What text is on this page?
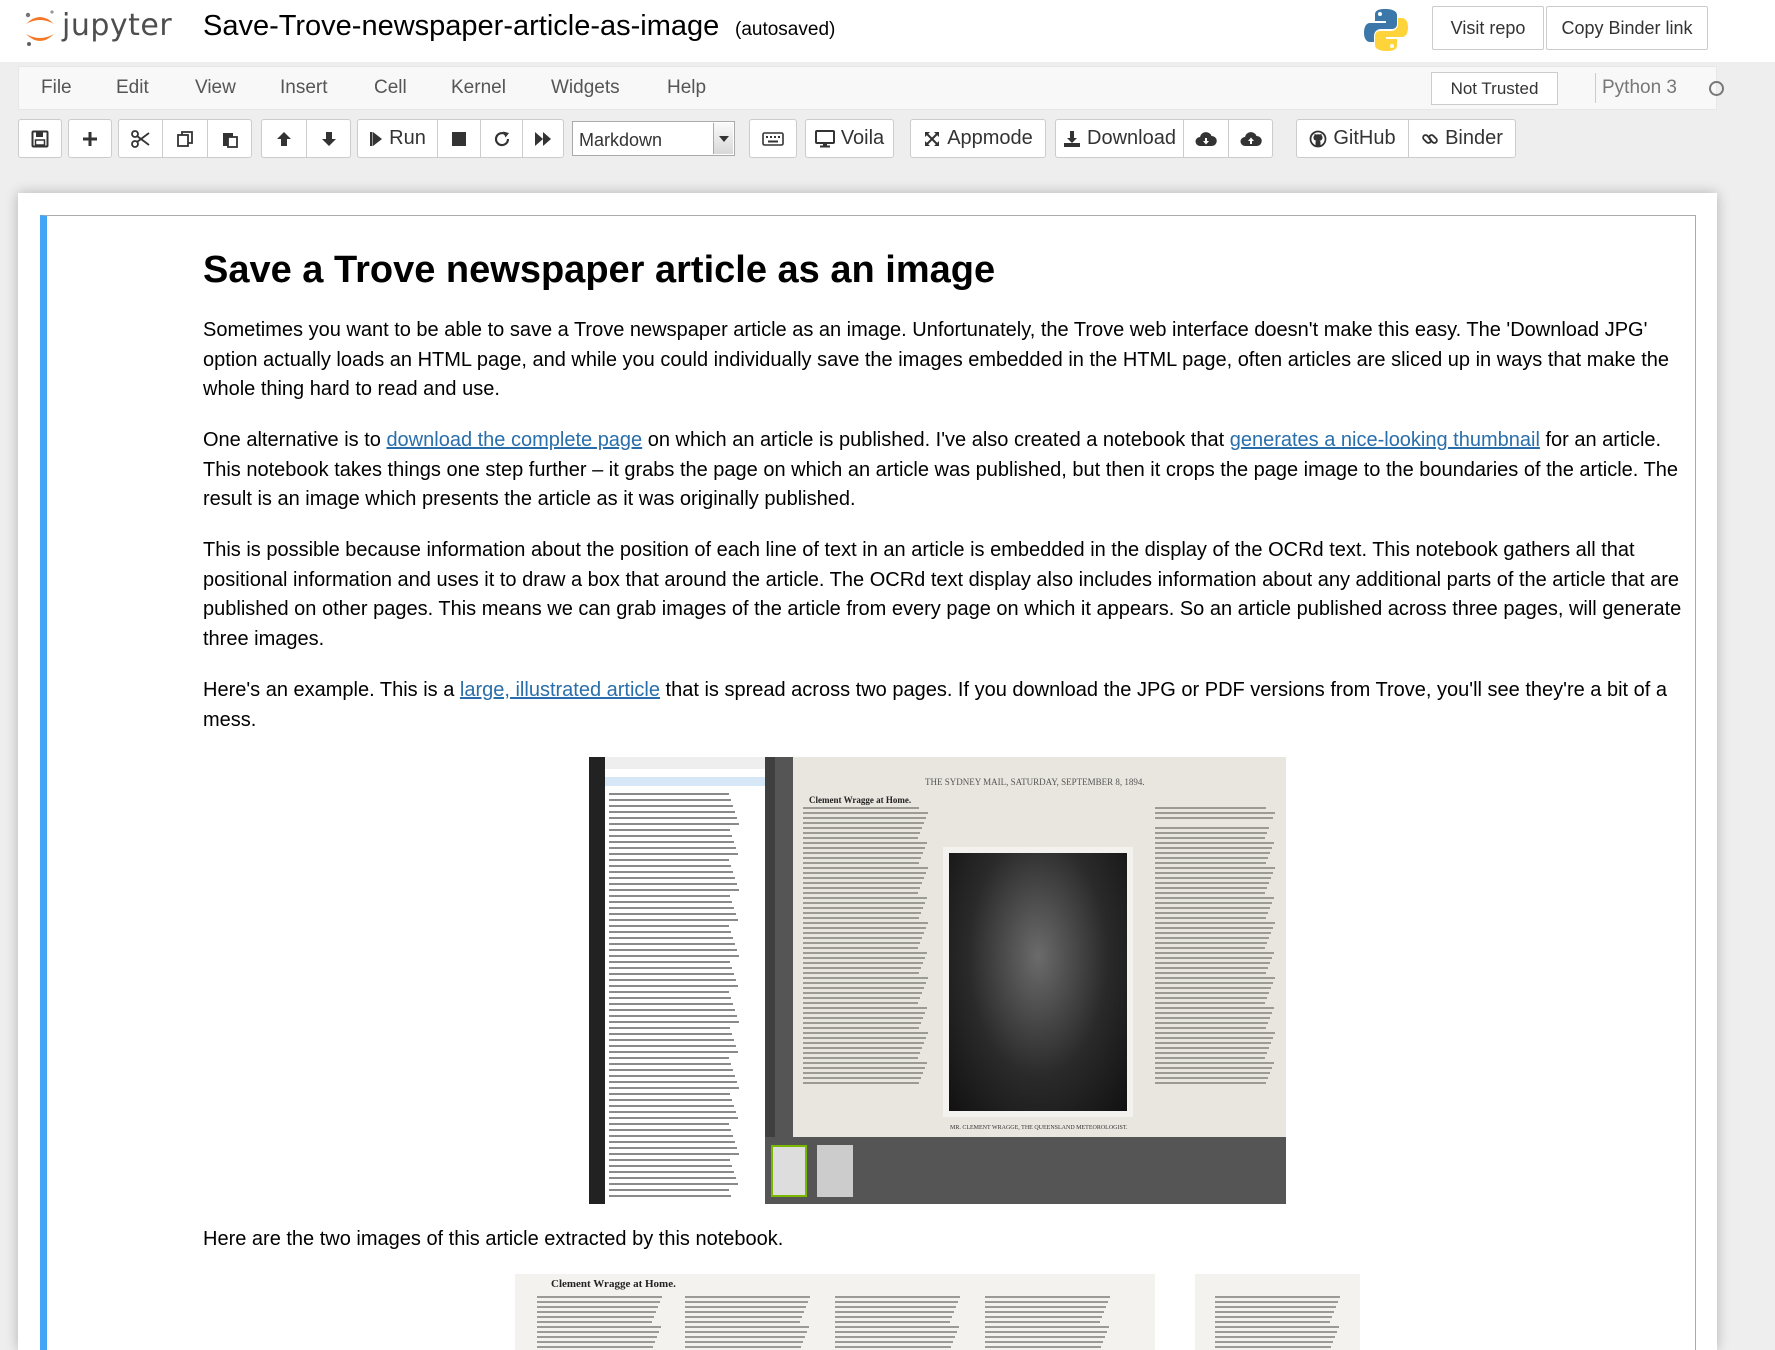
jupyter Save-Trove-newspaper-article-as-image (autosaved)	Visit repo	Copy Binder link
File Edit View Insert Cell Kernel Widgets Help	Not Trusted	Python 3
Run	Markdown	Voila	Appmode	Download	GitHub Binder
Save a Trove newspaper article as an image

Sometimes you want to be able to save a Trove newspaper article as an image. Unfortunately, the Trove web interface doesn't make this easy. The 'Download JPG' option actually loads an HTML page, and while you could individually save the images embedded in the HTML page, often articles are sliced up in ways that make the whole thing hard to read and use.

One alternative is to download the complete page on which an article is published. I've also created a notebook that generates a nice-looking thumbnail for an article. This notebook takes things one step further – it grabs the page on which an article was published, but then it crops the page image to the boundaries of the article. The result is an image which presents the article as it was originally published.

This is possible because information about the position of each line of text in an article is embedded in the display of the OCRd text. This notebook gathers all that positional information and uses it to draw a box that around the article. The OCRd text display also includes information about any additional parts of the article that are published on other pages. This means we can grab images of the article from every page on which it appears. So an article published across three pages, will generate three images.

Here's an example. This is a large, illustrated article that is spread across two pages. If you download the JPG or PDF versions from Trove, you'll see they're a bit of a mess.

Here are the two images of this article extracted by this notebook.

THE SYDNEY MAIL, SATURDAY, SEPTEMBER 8, 1894.
Clement Wragge at Home.
MR. CLEMENT WRAGGE, THE QUEENSLAND METEOROLOGIST.
Clement Wragge at Home.
